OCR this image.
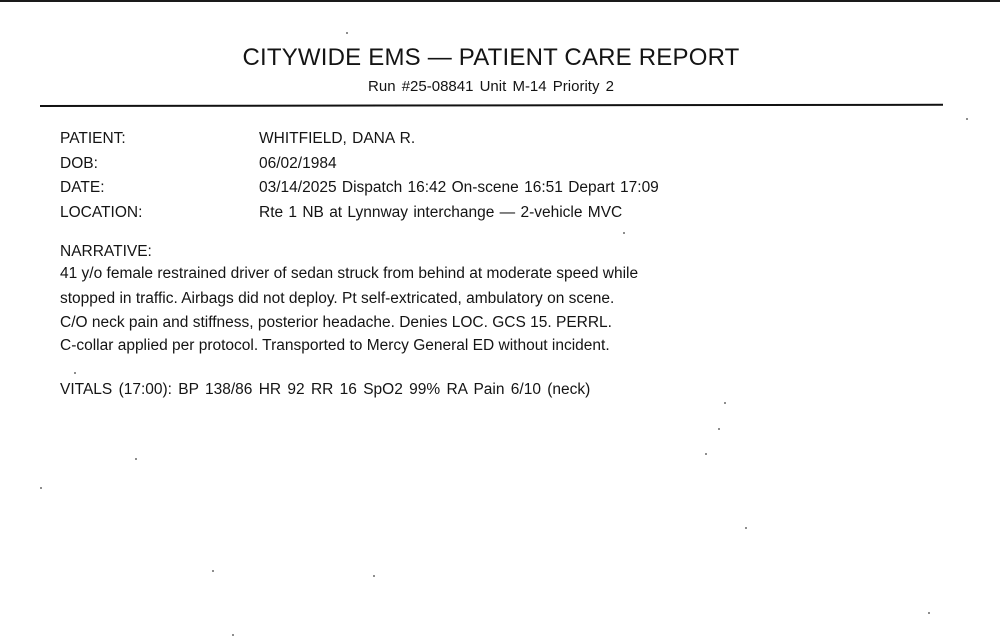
CITYWIDE EMS — PATIENT CARE REPORT
Run #25-08841 Unit M-14 Priority 2
PATIENT:	WHITFIELD, DANA R.
DOB:	06/02/1984
DATE:	03/14/2025 Dispatch 16:42 On-scene 16:51 Depart 17:09
LOCATION:	Rte 1 NB at Lynnway interchange — 2-vehicle MVC
NARRATIVE:
41 y/o female restrained driver of sedan struck from behind at moderate speed while
stopped in traffic. Airbags did not deploy. Pt self-extricated, ambulatory on scene.
C/O neck pain and stiffness, posterior headache. Denies LOC. GCS 15. PERRL.
C-collar applied per protocol. Transported to Mercy General ED without incident.
VITALS (17:00): BP 138/86 HR 92 RR 16 SpO2 99% RA Pain 6/10 (neck)
